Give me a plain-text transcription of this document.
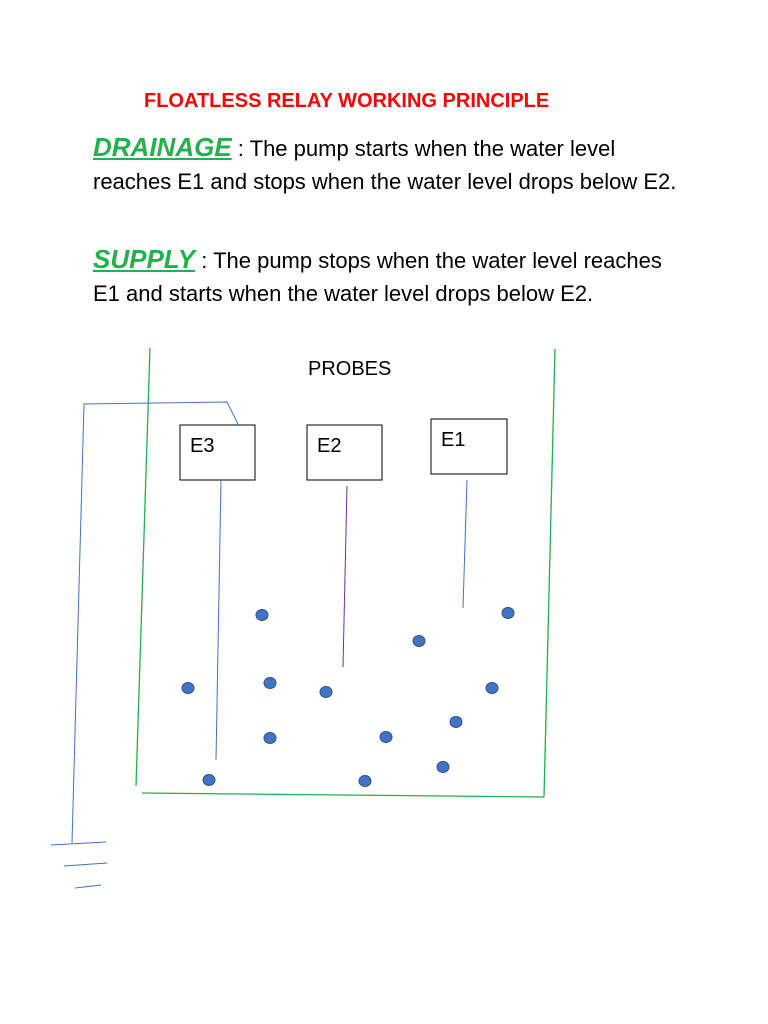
FLOATLESS RELAY WORKING PRINCIPLE
DRAINAGE : The pump starts when the water level reaches E1 and stops when the water level drops below E2.
SUPPLY : The pump stops when the water level reaches E1 and starts when the water level drops below E2.
PROBES
E3	E2	E1
